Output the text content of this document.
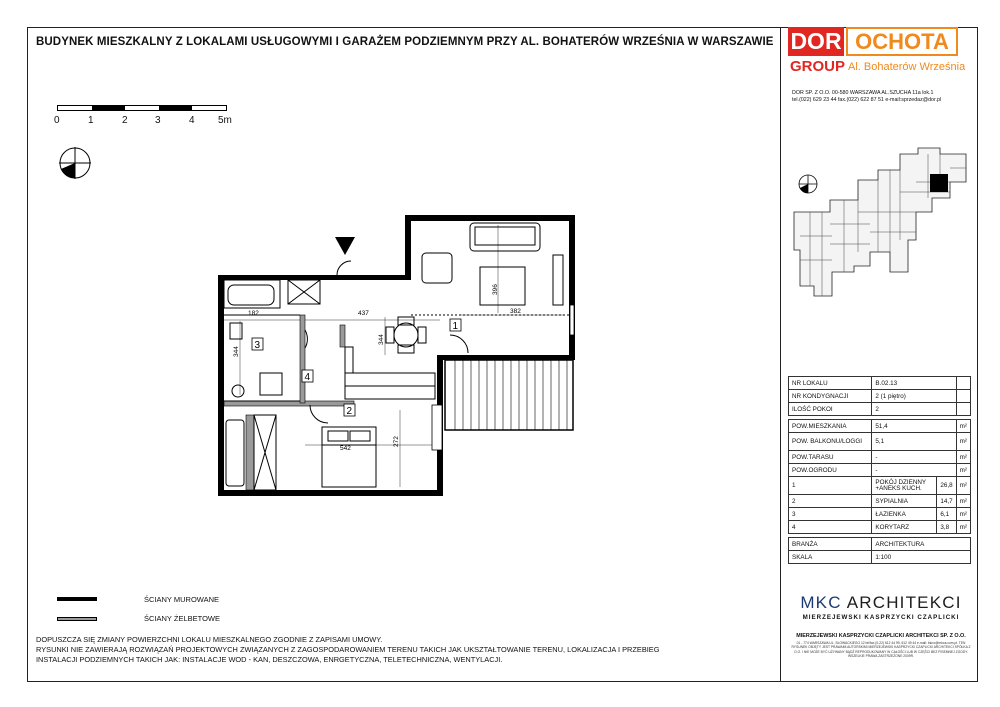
BUDYNEK MIESZKALNY Z LOKALAMI USŁUGOWYMI I GARAŻEM PODZIEMNYM PRZY AL. BOHATERÓW WRZEŚNIA W WARSZAWIE
0	1	2	3	4 5m
DOR OCHOTA
GROUP Al. Bohaterów Września
DOR SP. Z O.O. 00-580 WARSZAWA AL.SZUCHA 11a lok.1
tel.(022) 629 23 44 fax.(022) 622 87 51 e-mail:sprzedaz@dor.pl
NR LOKALU	B.02.13		
NR KONDYGNACJI	2 (1 piętro)		
ILOŚĆ POKOI	2		

POW.MIESZKANIA	51,4		m²
POW. BALKONU/LOGGI	5,1		m²
POW.TARASU	-		m²
POW.OGRODU	-		m²
1	POKÓJ DZIENNY +ANEKS KUCH.	26,8	m²
2	SYPIALNIA	14,7	m²
3	ŁAZIENKA	6,1	m²
4	KORYTARZ	3,8	m²

BRANŻA	ARCHITEKTURA		
SKALA	1:100		
MKC ARCHITEKCI
MIERZEJEWSKI KASPRZYCKI CZAPLICKI
MIERZEJEWSKI KASPRZYCKI CZAPLICKI ARCHITEKCI SP. Z O.O.
01 - 774 WARSZAWA UL. SŁOWACKIEGO 12 tel/fax (0-22) 612 44 99, 612 49 44 e-mail: biuro@mkca.com.pl. TEN RYSUNEK OBJĘTY JEST PRAWAMI AUTORSKIMI MIERZEJEWSKI KASPRZYCKI CZAPLICKI ARCHITEKCI SPÓŁKA Z O.O. I NIE MOŻE BYĆ UŻYWANY BĄDŹ REPRODUKOWANY W CAŁOŚCI LUB W CZĘŚCI BEZ PISEMNEJ ZGODY. WSZELKIE PRAWA ZASTRZEŻONE 2009R.
ŚCIANY MUROWANE
ŚCIANY ŻELBETOWE
DOPUSZCZA SIĘ ZMIANY POWIERZCHNI LOKALU MIESZKALNEGO ZGODNIE Z ZAPISAMI UMOWY.
RYSUNKI NIE ZAWIERAJĄ ROZWIĄZAŃ PROJEKTOWYCH ZWIĄZANYCH Z ZAGOSPODAROWANIEM TERENU TAKICH JAK UKSZTAŁTOWANIE TERENU, LOKALIZACJA I PRZEBIEG
INSTALACJI PODZIEMNYCH TAKICH JAK: INSTALACJE WOD - KAN, DESZCZOWA, ENRGETYCZNA, TELETECHNICZNA, WENTYLACJI.
1
2
3
4
182	437	382
396
344
344
542
272
